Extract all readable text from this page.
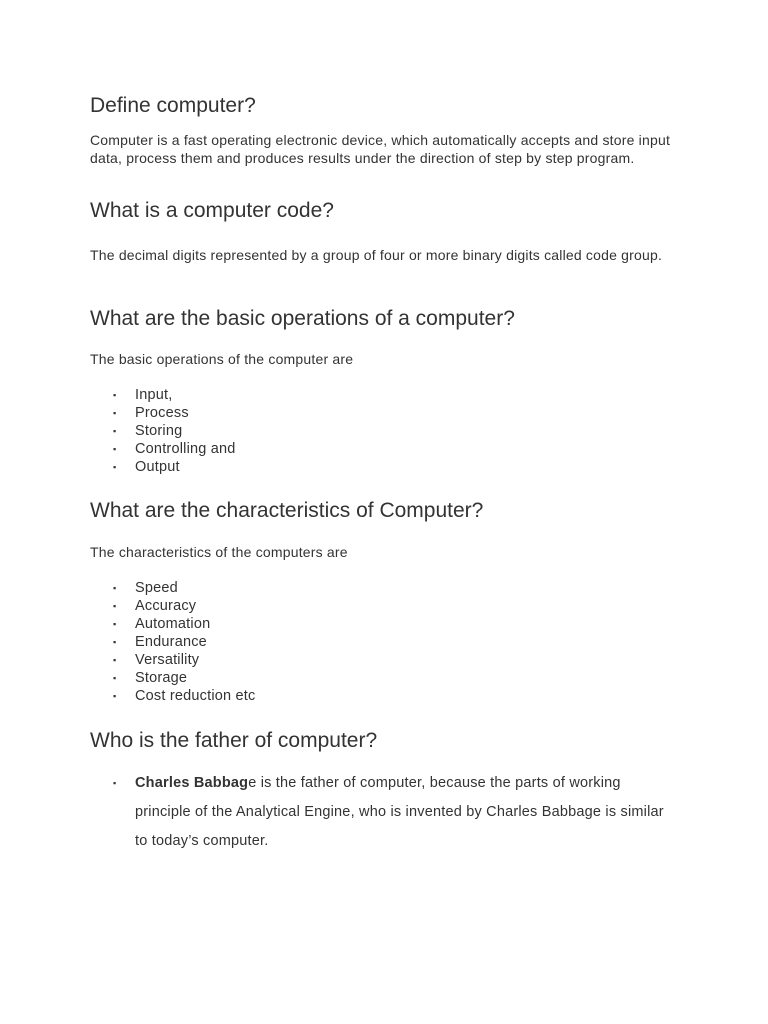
Define computer?
Computer is a fast operating electronic device, which automatically accepts and store input data, process them and produces results under the direction of step by step program.
What is a computer code?
The decimal digits represented by a group of four or more binary digits called code group.
What are the basic operations of a computer?
The basic operations of the computer are
▪ Input,
▪ Process
▪ Storing
▪ Controlling and
▪ Output
What are the characteristics of Computer?
The characteristics of the computers are
▪ Speed
▪ Accuracy
▪ Automation
▪ Endurance
▪ Versatility
▪ Storage
▪ Cost reduction etc
Who is the father of computer?
▪ Charles Babbage is the father of computer, because the parts of working principle of the Analytical Engine, who is invented by Charles Babbage is similar to today’s computer.
